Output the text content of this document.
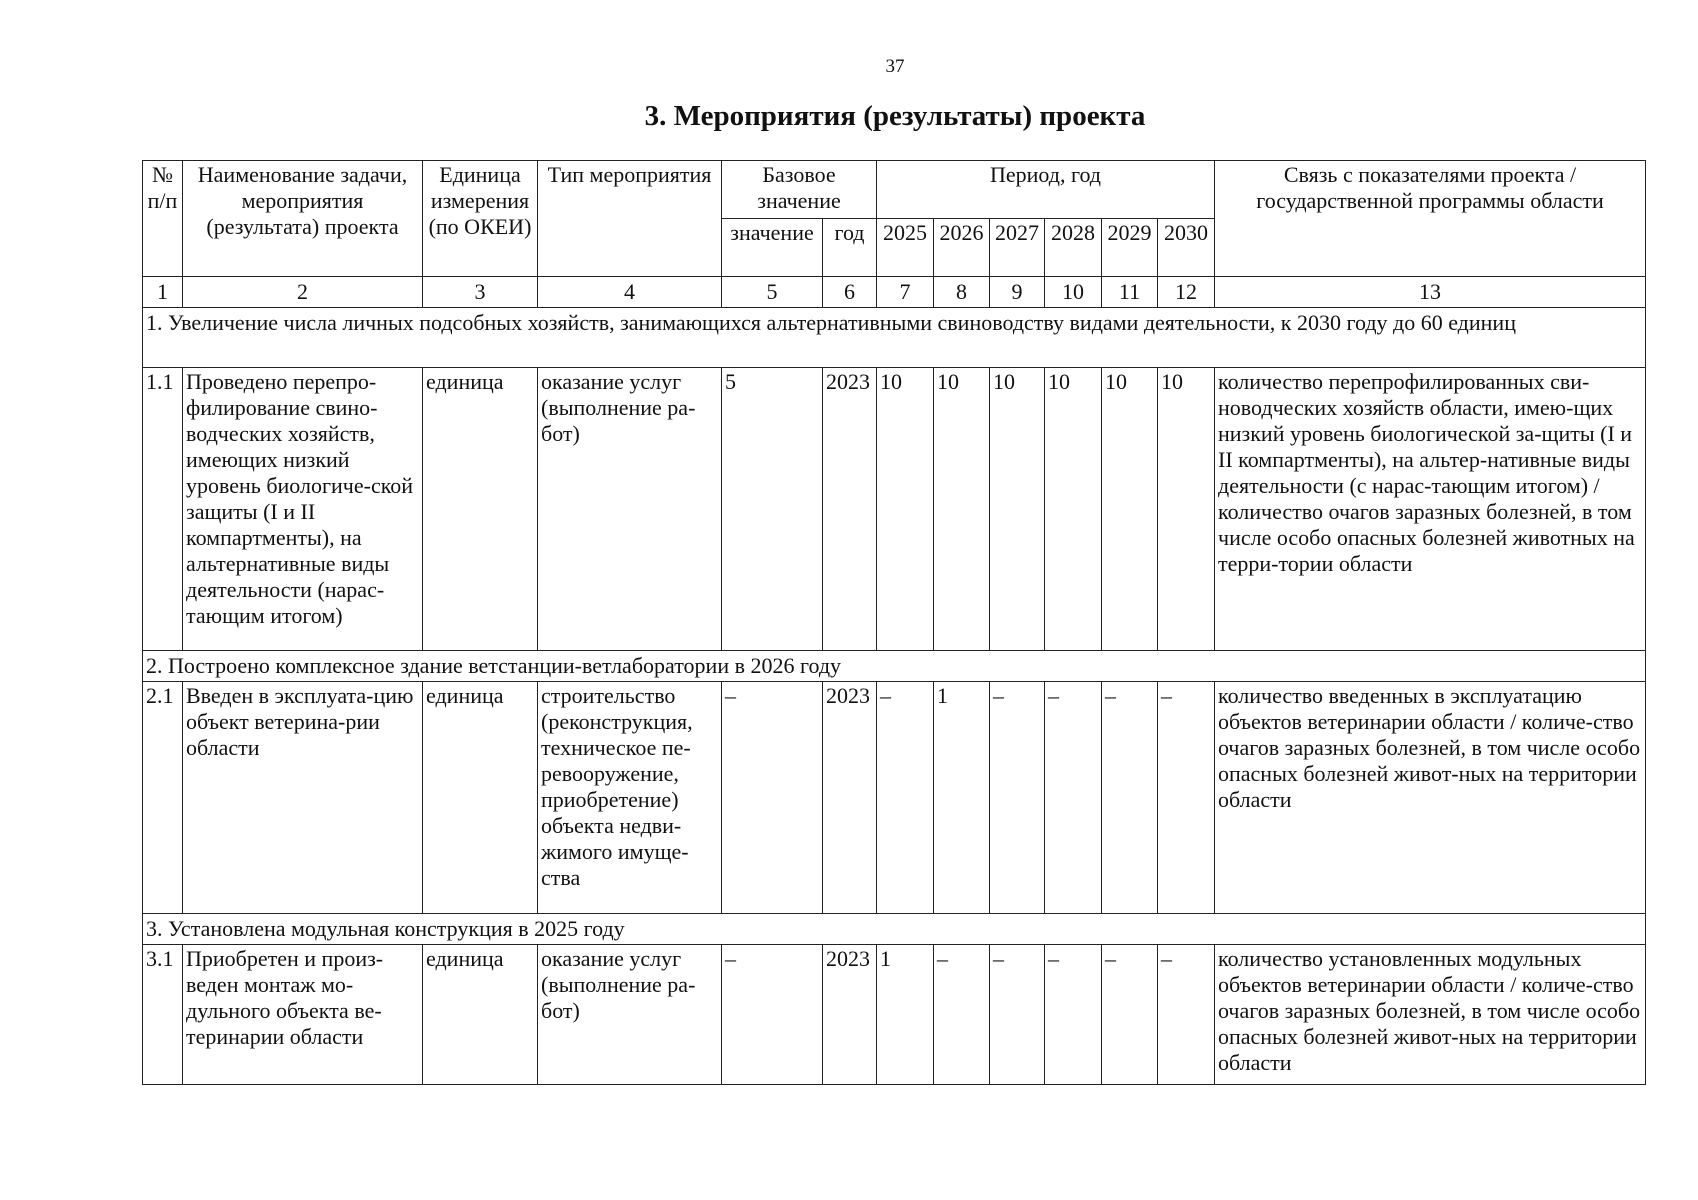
37
3. Мероприятия (результаты) проекта
№ п/п	Наименование задачи, мероприятия (результата) проекта	Единица измерения (по ОКЕИ)	Тип мероприятия	Базовое значение		Период, год						Связь с показателями проекта / государственной программы области
				значение	год	2025	2026	2027	2028	2029	2030	
1	2	3	4	5	6	7	8	9	10	11	12	13
1. Увеличение числа личных подсобных хозяйств, занимающихся альтернативными свиноводству видами деятельности, к 2030 году до 60 единиц												
1.1	Проведено перепро-филирование свино-водческих хозяйств, имеющих низкий уровень биологиче-ской защиты (I и II компартменты), на альтернативные виды деятельности (нарас-тающим итогом)	единица	оказание услуг (выполнение ра-бот)	5	2023	10	10	10	10	10	10	количество перепрофилированных сви-новодческих хозяйств области, имею-щих низкий уровень биологической за-щиты (I и II компартменты), на альтер-нативные виды деятельности (с нарас-тающим итогом) / количество очагов заразных болезней, в том числе особо опасных болезней животных на терри-тории области
2. Построено комплексное здание ветстанции-ветлаборатории в 2026 году												
2.1	Введен в эксплуата-цию объект ветерина-рии области	единица	строительство (реконструкция, техническое пе-ревооружение, приобретение) объекта недви-жимого имуще-ства	–	2023	–	1	–	–	–	–	количество введенных в эксплуатацию объектов ветеринарии области / количе-ство очагов заразных болезней, в том числе особо опасных болезней живот-ных на территории области
3. Установлена модульная конструкция в 2025 году												
3.1	Приобретен и произ-веден монтаж мо-дульного объекта ве-теринарии области	единица	оказание услуг (выполнение ра-бот)	–	2023	1	–	–	–	–	–	количество установленных модульных объектов ветеринарии области / количе-ство очагов заразных болезней, в том числе особо опасных болезней живот-ных на территории области
